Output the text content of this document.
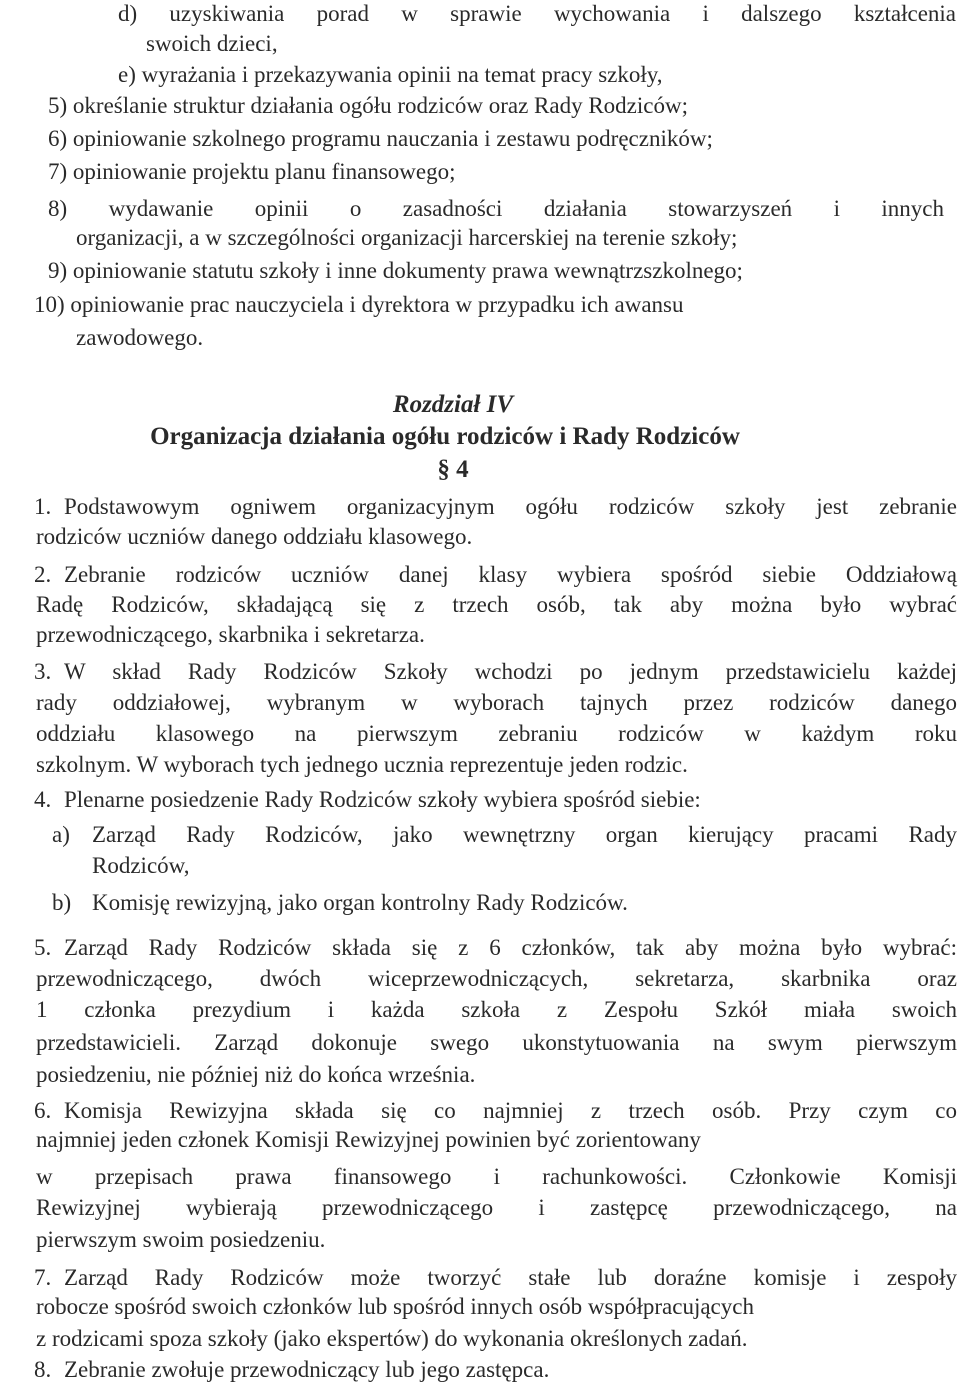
d) uzyskiwania porad w sprawie wychowania i dalszego kształcenia
swoich dzieci,
e) wyrażania i przekazywania opinii na temat pracy szkoły,
5) określanie struktur działania ogółu rodziców oraz Rady Rodziców;
6) opiniowanie szkolnego programu nauczania i zestawu podręczników;
7) opiniowanie projektu planu finansowego;
8) wydawanie opinii o zasadności działania stowarzyszeń i innych
organizacji, a w szczególności organizacji harcerskiej na terenie szkoły;
9) opiniowanie statutu szkoły i inne dokumenty prawa wewnątrzszkolnego;
10) opiniowanie prac nauczyciela i dyrektora w przypadku ich awansu
zawodowego.
Rozdział IV
Organizacja działania ogółu rodziców i Rady Rodziców
§ 4
1. Podstawowym ogniwem organizacyjnym ogółu rodziców szkoły jest zebranie
rodziców uczniów danego oddziału klasowego.
2. Zebranie rodziców uczniów danej klasy wybiera spośród siebie Oddziałową
Radę Rodziców, składającą się z trzech osób, tak aby można było wybrać
przewodniczącego, skarbnika i sekretarza.
3. W skład Rady Rodziców Szkoły wchodzi po jednym przedstawicielu każdej
rady oddziałowej, wybranym w wyborach tajnych przez rodziców danego
oddziału klasowego na pierwszym zebraniu rodziców w każdym roku
szkolnym. W wyborach tych jednego ucznia reprezentuje jeden rodzic.
4. Plenarne posiedzenie Rady Rodziców szkoły wybiera spośród siebie:
a) Zarząd Rady Rodziców, jako wewnętrzny organ kierujący pracami Rady
Rodziców,
b) Komisję rewizyjną, jako organ kontrolny Rady Rodziców.
5. Zarząd Rady Rodziców składa się z 6 członków, tak aby można było wybrać:
przewodniczącego, dwóch wiceprzewodniczących, sekretarza, skarbnika oraz
1 członka prezydium i każda szkoła z Zespołu Szkół miała swoich
przedstawicieli. Zarząd dokonuje swego ukonstytuowania na swym pierwszym
posiedzeniu, nie później niż do końca września.
6. Komisja Rewizyjna składa się co najmniej z trzech osób. Przy czym co
najmniej jeden członek Komisji Rewizyjnej powinien być zorientowany
w przepisach prawa finansowego i rachunkowości. Członkowie Komisji
Rewizyjnej wybierają przewodniczącego i zastępcę przewodniczącego, na
pierwszym swoim posiedzeniu.
7. Zarząd Rady Rodziców może tworzyć stałe lub doraźne komisje i zespoły
robocze spośród swoich członków lub spośród innych osób współpracujących
z rodzicami spoza szkoły (jako ekspertów) do wykonania określonych zadań.
8. Zebranie zwołuje przewodniczący lub jego zastępca.
